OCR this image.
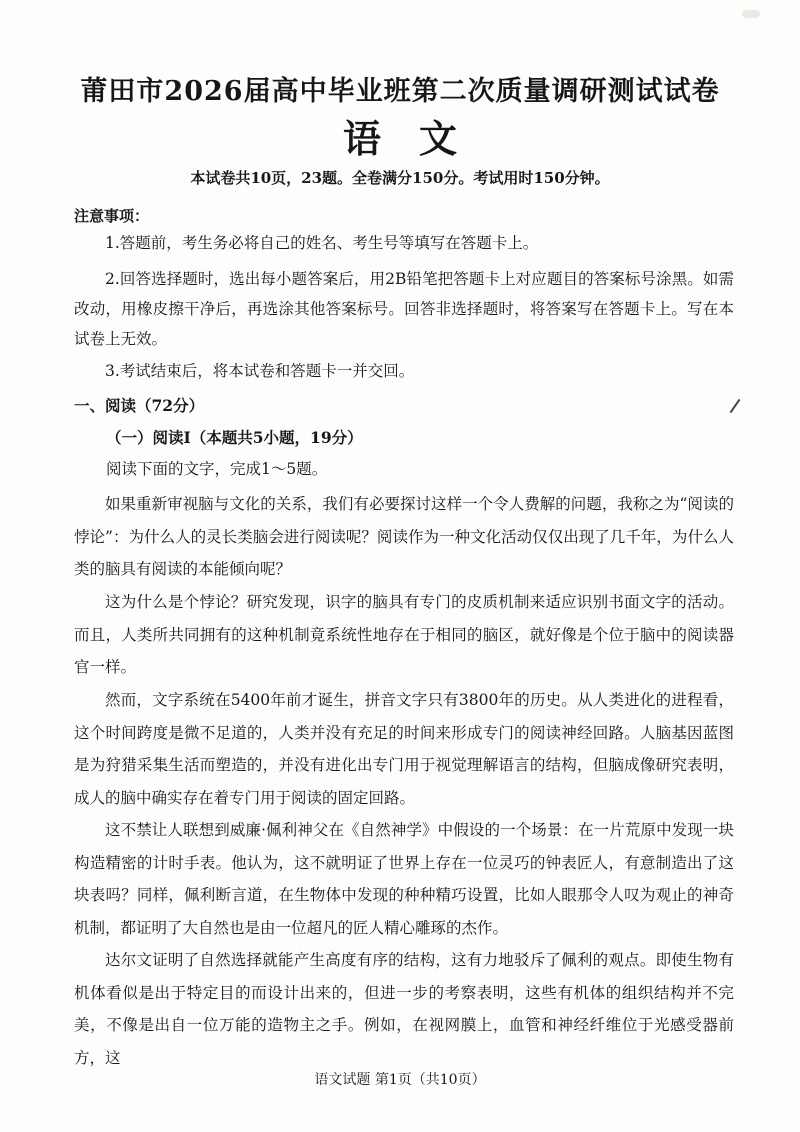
莆田市2026届高中毕业班第二次质量调研测试试卷
语　文
本试卷共10页，23题。全卷满分150分。考试用时150分钟。
注意事项：
1.答题前，考生务必将自己的姓名、考生号等填写在答题卡上。
2.回答选择题时，选出每小题答案后，用2B铅笔把答题卡上对应题目的答案标号涂黑。如需改动，用橡皮擦干净后，再选涂其他答案标号。回答非选择题时，将答案写在答题卡上。写在本试卷上无效。
3.考试结束后，将本试卷和答题卡一并交回。
一、阅读（72分）
（一）阅读Ⅰ（本题共5小题，19分）
阅读下面的文字，完成1～5题。

如果重新审视脑与文化的关系，我们有必要探讨这样一个令人费解的问题，我称之为“阅读的悖论”：为什么人的灵长类脑会进行阅读呢？阅读作为一种文化活动仅仅出现了几千年，为什么人类的脑具有阅读的本能倾向呢？

这为什么是个悖论？研究发现，识字的脑具有专门的皮质机制来适应识别书面文字的活动。而且，人类所共同拥有的这种机制竟系统性地存在于相同的脑区，就好像是个位于脑中的阅读器官一样。

然而，文字系统在5400年前才诞生，拼音文字只有3800年的历史。从人类进化的进程看，这个时间跨度是微不足道的，人类并没有充足的时间来形成专门的阅读神经回路。人脑基因蓝图是为狩猎采集生活而塑造的，并没有进化出专门用于视觉理解语言的结构，但脑成像研究表明，成人的脑中确实存在着专门用于阅读的固定回路。

这不禁让人联想到威廉·佩利神父在《自然神学》中假设的一个场景：在一片荒原中发现一块构造精密的计时手表。他认为，这不就明证了世界上存在一位灵巧的钟表匠人，有意制造出了这块表吗？同样，佩利断言道，在生物体中发现的种种精巧设置，比如人眼那令人叹为观止的神奇机制，都证明了大自然也是由一位超凡的匠人精心雕琢的杰作。

达尔文证明了自然选择就能产生高度有序的结构，这有力地驳斥了佩利的观点。即使生物有机体看似是出于特定目的而设计出来的，但进一步的考察表明，这些有机体的组织结构并不完美，不像是出自一位万能的造物主之手。例如，在视网膜上，血管和神经纤维位于光感受器前方，这

语文试题 第1页（共10页）
